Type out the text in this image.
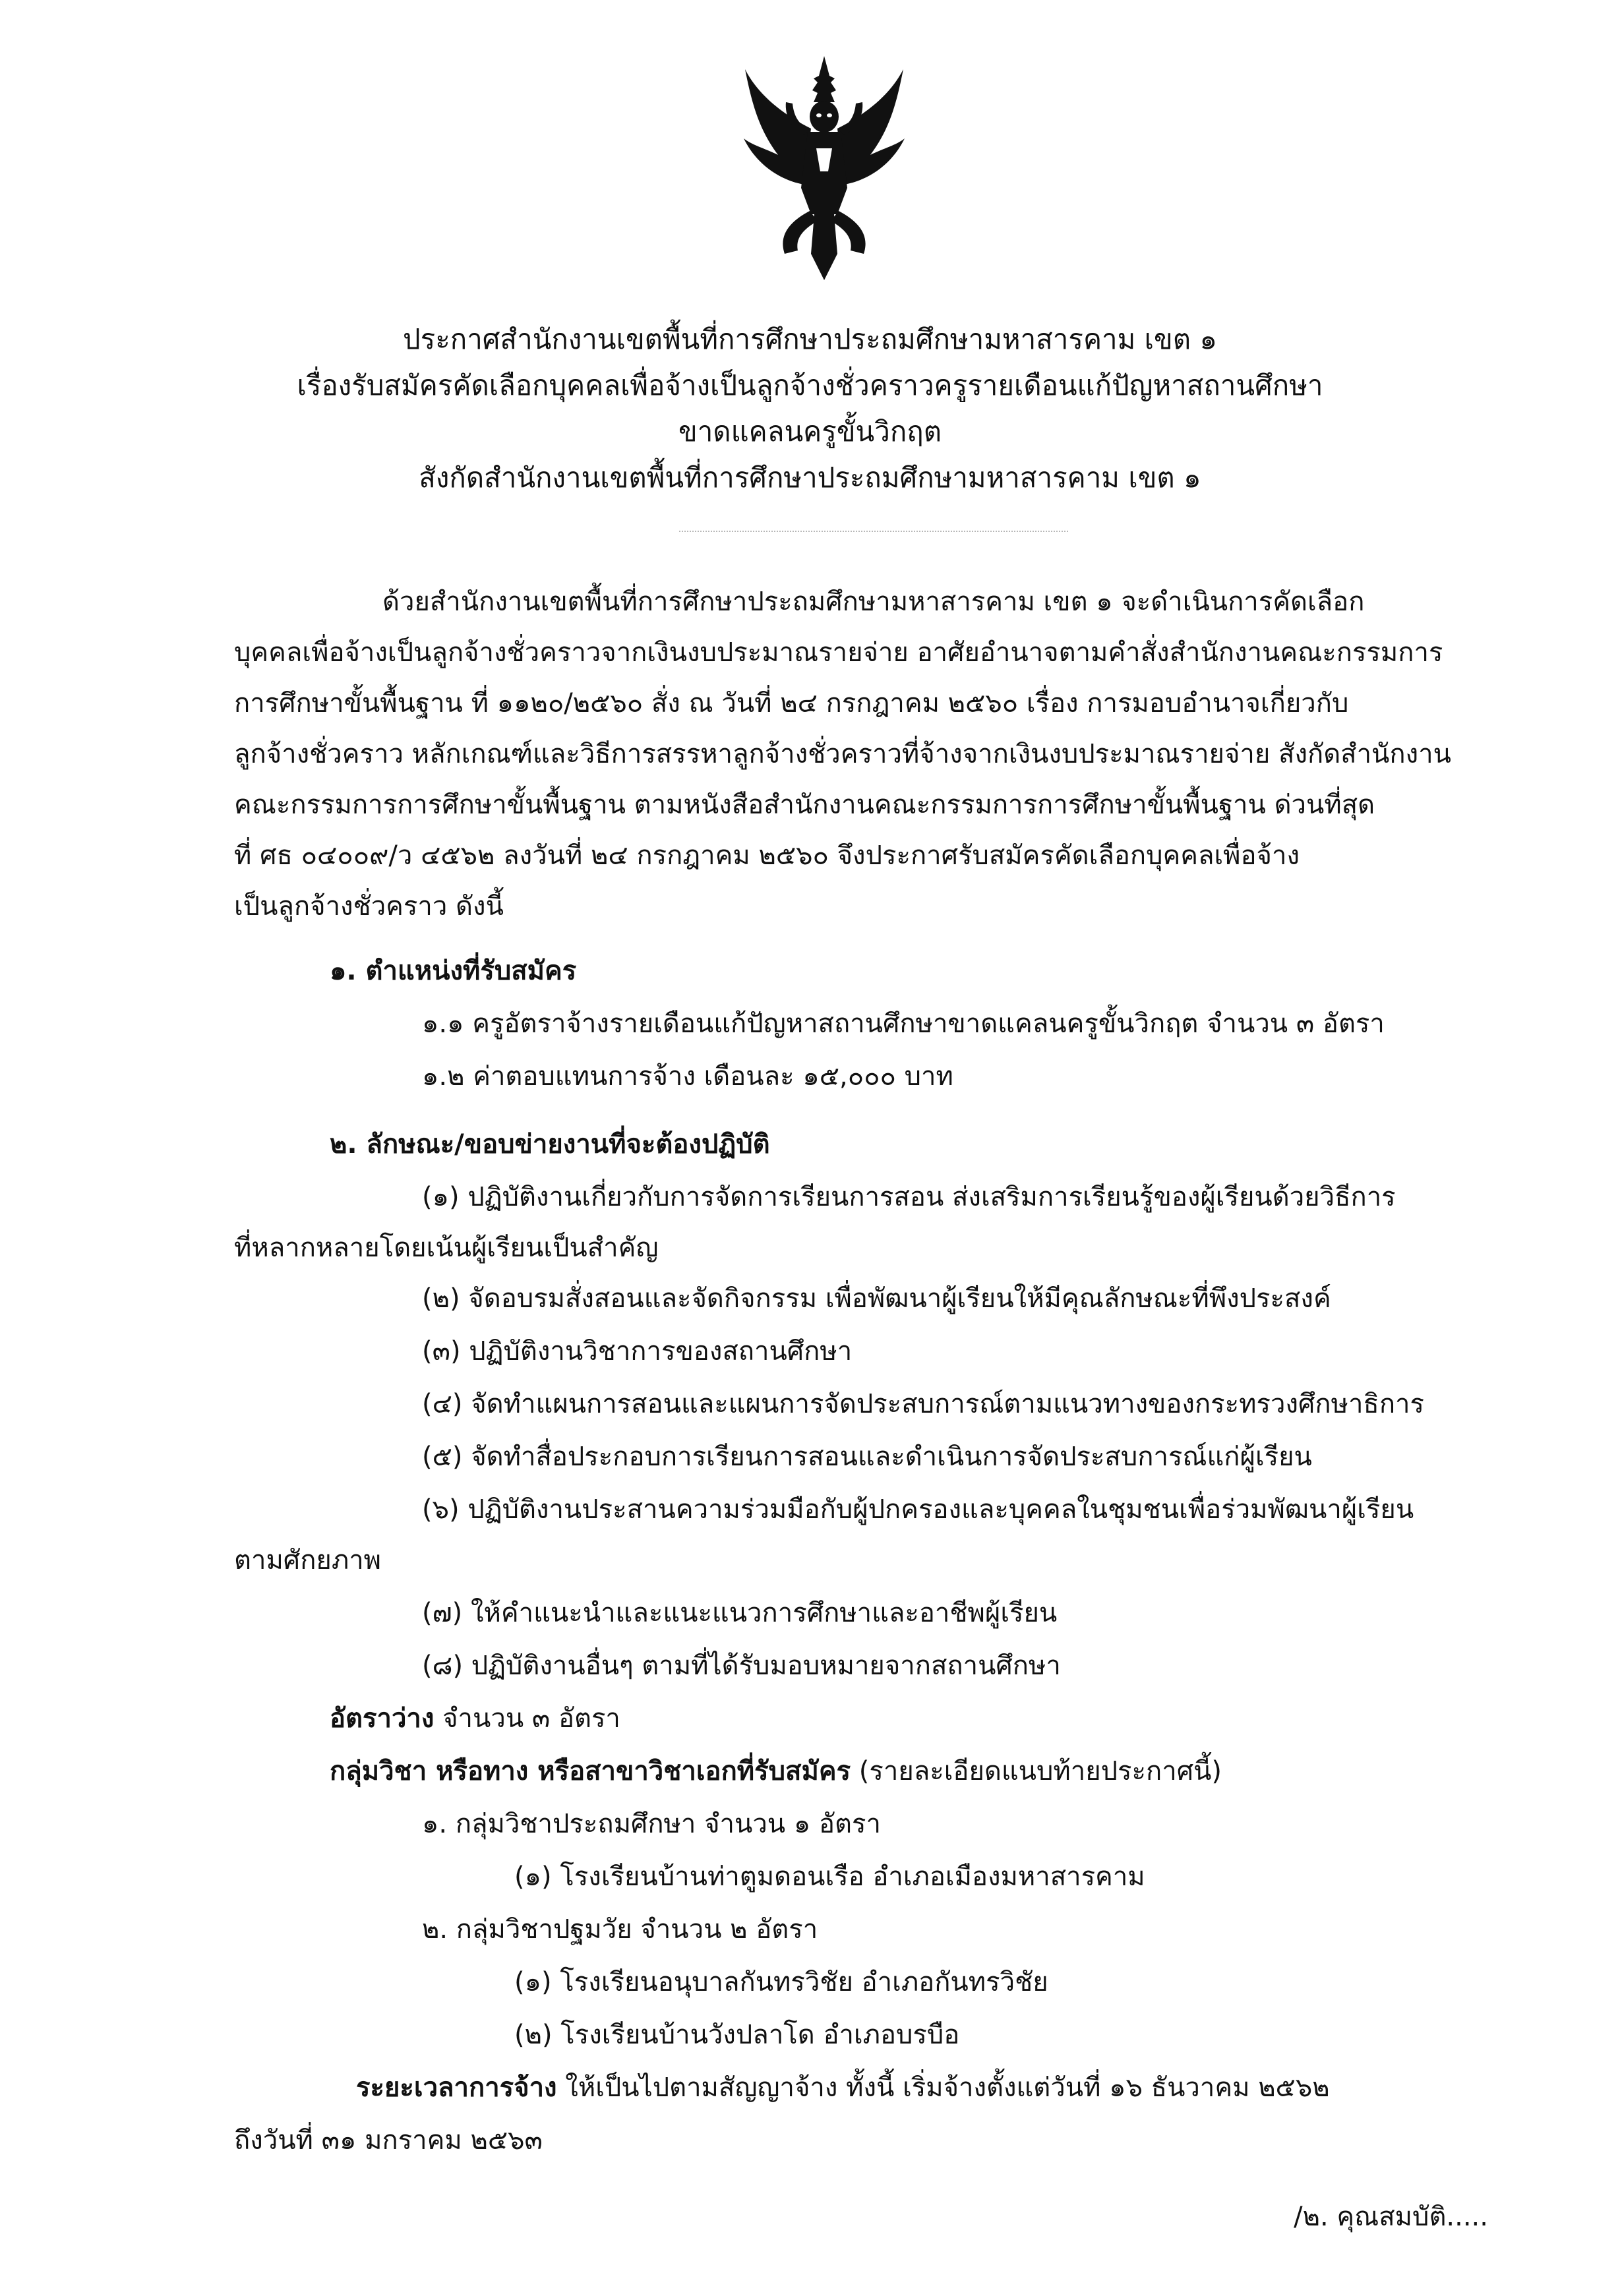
ประกาศสำนักงานเขตพื้นที่การศึกษาประถมศึกษามหาสารคาม เขต ๑
เรื่องรับสมัครคัดเลือกบุคคลเพื่อจ้างเป็นลูกจ้างชั่วคราวครูรายเดือนแก้ปัญหาสถานศึกษา
ขาดแคลนครูขั้นวิกฤต
สังกัดสำนักงานเขตพื้นที่การศึกษาประถมศึกษามหาสารคาม เขต ๑
ด้วยสำนักงานเขตพื้นที่การศึกษาประถมศึกษามหาสารคาม เขต ๑ จะดำเนินการคัดเลือก
บุคคลเพื่อจ้างเป็นลูกจ้างชั่วคราวจากเงินงบประมาณรายจ่าย อาศัยอำนาจตามคำสั่งสำนักงานคณะกรรมการ
การศึกษาขั้นพื้นฐาน ที่ ๑๑๒๐/๒๕๖๐ สั่ง ณ วันที่ ๒๔ กรกฎาคม ๒๕๖๐ เรื่อง การมอบอำนาจเกี่ยวกับ
ลูกจ้างชั่วคราว หลักเกณฑ์และวิธีการสรรหาลูกจ้างชั่วคราวที่จ้างจากเงินงบประมาณรายจ่าย สังกัดสำนักงาน
คณะกรรมการการศึกษาขั้นพื้นฐาน ตามหนังสือสำนักงานคณะกรรมการการศึกษาขั้นพื้นฐาน ด่วนที่สุด
ที่ ศธ ๐๔๐๐๙/ว ๔๕๖๒ ลงวันที่ ๒๔ กรกฎาคม ๒๕๖๐ จึงประกาศรับสมัครคัดเลือกบุคคลเพื่อจ้าง
เป็นลูกจ้างชั่วคราว ดังนี้
๑. ตำแหน่งที่รับสมัคร
๑.๑ ครูอัตราจ้างรายเดือนแก้ปัญหาสถานศึกษาขาดแคลนครูขั้นวิกฤต จำนวน ๓ อัตรา
๑.๒ ค่าตอบแทนการจ้าง เดือนละ ๑๕,๐๐๐ บาท
๒. ลักษณะ/ขอบข่ายงานที่จะต้องปฏิบัติ
(๑) ปฏิบัติงานเกี่ยวกับการจัดการเรียนการสอน ส่งเสริมการเรียนรู้ของผู้เรียนด้วยวิธีการ
ที่หลากหลายโดยเน้นผู้เรียนเป็นสำคัญ
(๒) จัดอบรมสั่งสอนและจัดกิจกรรม เพื่อพัฒนาผู้เรียนให้มีคุณลักษณะที่พึงประสงค์
(๓) ปฏิบัติงานวิชาการของสถานศึกษา
(๔) จัดทำแผนการสอนและแผนการจัดประสบการณ์ตามแนวทางของกระทรวงศึกษาธิการ
(๕) จัดทำสื่อประกอบการเรียนการสอนและดำเนินการจัดประสบการณ์แก่ผู้เรียน
(๖) ปฏิบัติงานประสานความร่วมมือกับผู้ปกครองและบุคคลในชุมชนเพื่อร่วมพัฒนาผู้เรียน
ตามศักยภาพ
(๗) ให้คำแนะนำและแนะแนวการศึกษาและอาชีพผู้เรียน
(๘) ปฏิบัติงานอื่นๆ ตามที่ได้รับมอบหมายจากสถานศึกษา
อัตราว่าง จำนวน ๓ อัตรา
กลุ่มวิชา หรือทาง หรือสาขาวิชาเอกที่รับสมัคร (รายละเอียดแนบท้ายประกาศนี้)
๑. กลุ่มวิชาประถมศึกษา จำนวน ๑ อัตรา
(๑) โรงเรียนบ้านท่าตูมดอนเรือ อำเภอเมืองมหาสารคาม
๒. กลุ่มวิชาปฐมวัย จำนวน ๒ อัตรา
(๑) โรงเรียนอนุบาลกันทรวิชัย อำเภอกันทรวิชัย
(๒) โรงเรียนบ้านวังปลาโด อำเภอบรบือ
ระยะเวลาการจ้าง ให้เป็นไปตามสัญญาจ้าง ทั้งนี้ เริ่มจ้างตั้งแต่วันที่ ๑๖ ธันวาคม ๒๕๖๒
ถึงวันที่ ๓๑ มกราคม ๒๕๖๓
/๒. คุณสมบัติ.....
